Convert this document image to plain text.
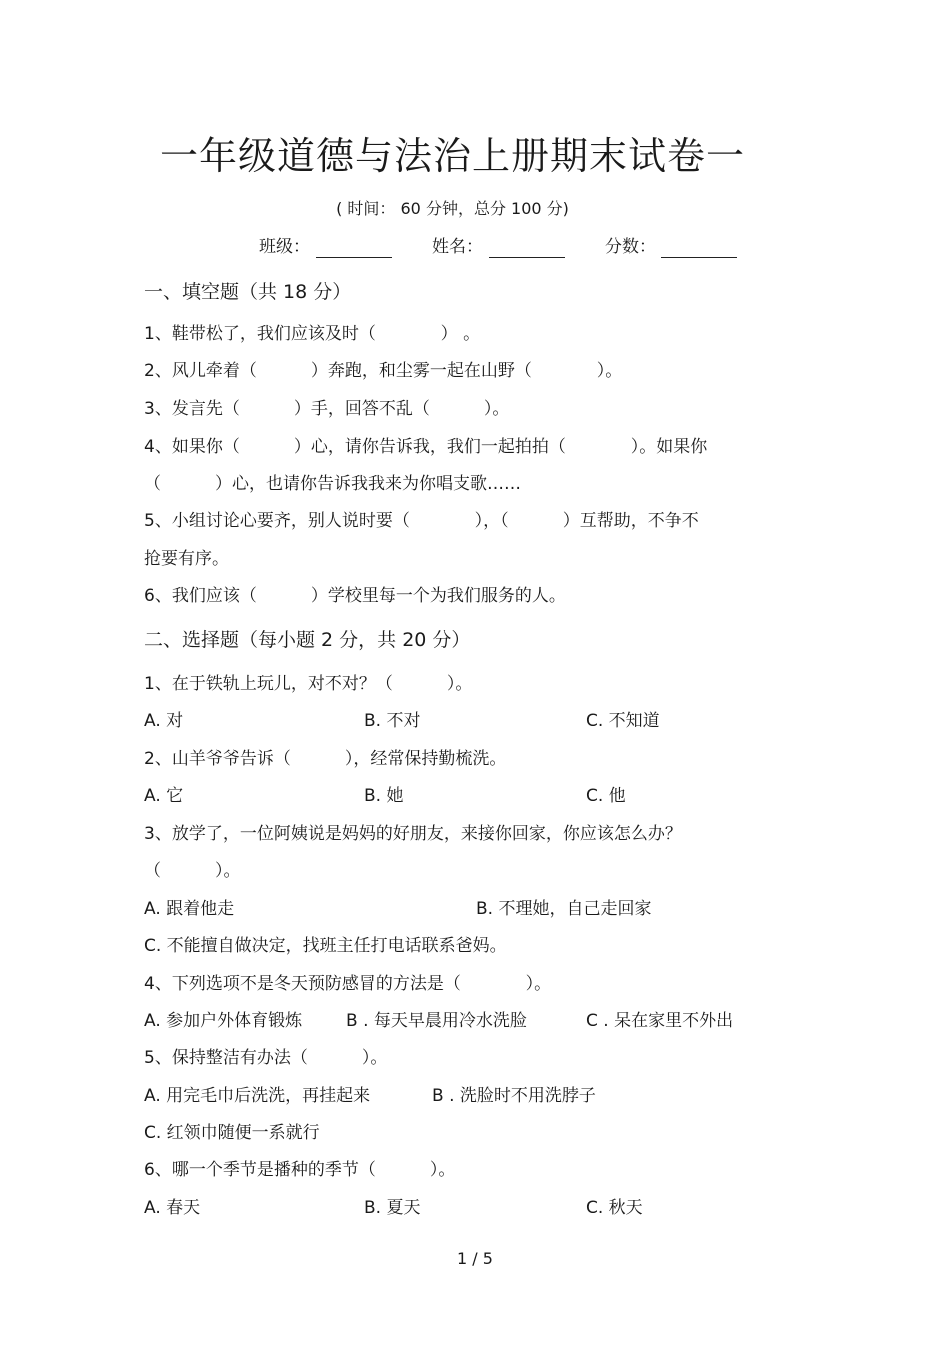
一年级道德与法治上册期末试卷一
( 时间： 60 分钟，总分 100 分)
班级：	姓名：	分数：
一、填空题（共 18 分）
1、鞋带松了，我们应该及时（            ） 。
2、风儿牵着（          ）奔跑，和尘雾一起在山野（            ）。
3、发言先（          ）手，回答不乱（          ）。
4、如果你（          ）心，请你告诉我，我们一起拍拍（            ）。如果你
（          ）心，也请你告诉我我来为你唱支歌……
5、小组讨论心要齐，别人说时要（            ），（          ）互帮助，不争不
抢要有序。
6、我们应该（          ）学校里每一个为我们服务的人。
二、选择题（每小题 2 分，共 20 分）
1、在于铁轨上玩儿，对不对？（          ）。
A. 对	B. 不对	C. 不知道
2、山羊爷爷告诉（          ），经常保持勤梳洗。
A. 它	B. 她	C. 他
3、放学了，一位阿姨说是妈妈的好朋友，来接你回家，你应该怎么办？
（          ）。
A. 跟着他走	B. 不理她，自己走回家
C. 不能擅自做决定，找班主任打电话联系爸妈。
4、下列选项不是冬天预防感冒的方法是（            ）。
A. 参加户外体育锻炼	B . 每天早晨用冷水洗脸	C . 呆在家里不外出
5、保持整洁有办法（          ）。
A. 用完毛巾后洗洗，再挂起来	B . 洗脸时不用洗脖子
C. 红领巾随便一系就行
6、哪一个季节是播种的季节（          ）。
A. 春天	B. 夏天	C. 秋天
1 / 5
